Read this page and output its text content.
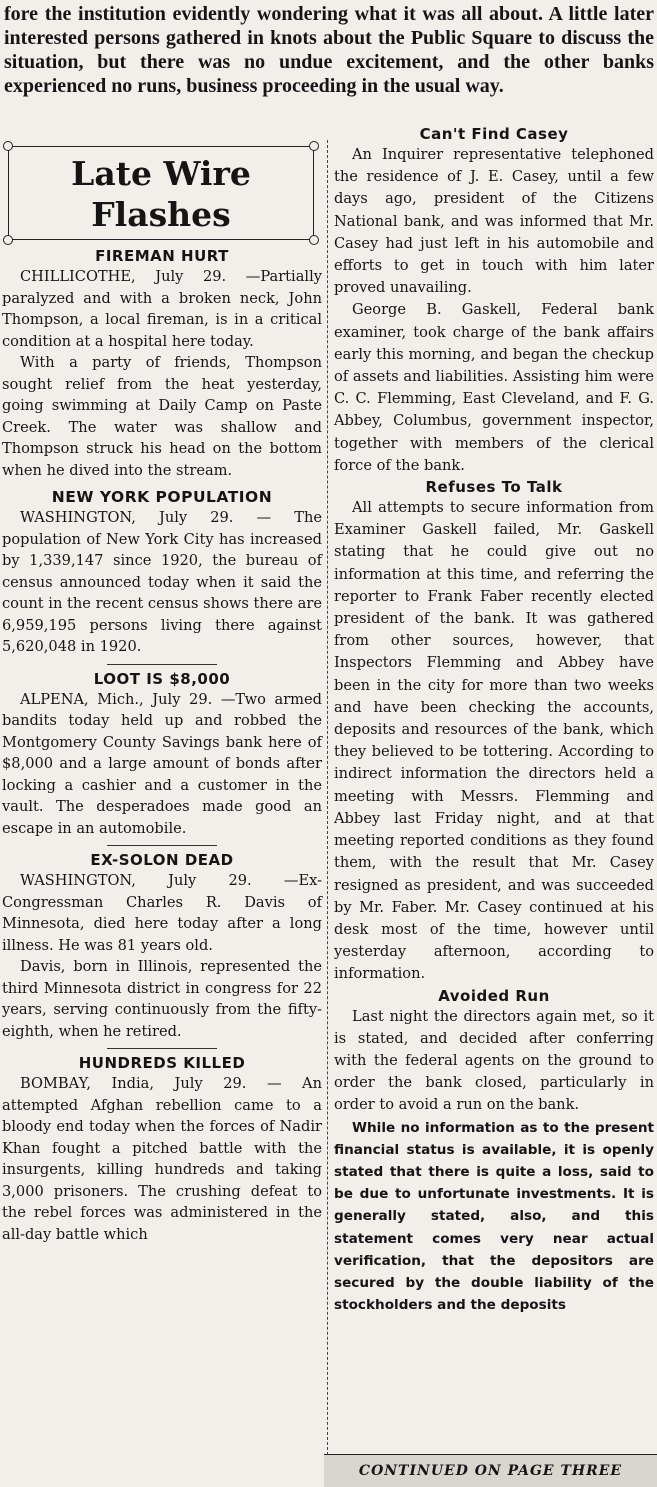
fore the institution evidently wondering what it was all about. A little later interested persons gathered in knots about the Public Square to discuss the situation, but there was no undue excitement, and the other banks experienced no runs, business proceeding in the usual way.

Late Wire
Flashes
FIREMAN HURT

CHILLICOTHE, July 29. —Partially paralyzed and with a broken neck, John Thompson, a local fireman, is in a critical condition at a hospital here today.

With a party of friends, Thompson sought relief from the heat yesterday, going swimming at Daily Camp on Paste Creek. The water was shallow and Thompson struck his head on the bottom when he dived into the stream.

NEW YORK POPULATION

WASHINGTON, July 29. — The population of New York City has increased by 1,339,147 since 1920, the bureau of census announced today when it said the count in the recent census shows there are 6,959,195 persons living there against 5,620,048 in 1920.

LOOT IS $8,000

ALPENA, Mich., July 29. —Two armed bandits today held up and robbed the Montgomery County Savings bank here of $8,000 and a large amount of bonds after locking a cashier and a customer in the vault. The desperadoes made good an escape in an automobile.

EX-SOLON DEAD

WASHINGTON, July 29. —Ex-Congressman Charles R. Davis of Minnesota, died here today after a long illness. He was 81 years old.

Davis, born in Illinois, represented the third Minnesota district in congress for 22 years, serving continuously from the fifty-eighth, when he retired.

HUNDREDS KILLED

BOMBAY, India, July 29. — An attempted Afghan rebellion came to a bloody end today when the forces of Nadir Khan fought a pitched battle with the insurgents, killing hundreds and taking 3,000 prisoners. The crushing defeat to the rebel forces was administered in the all-day battle which

Can't Find Casey

An Inquirer representative telephoned the residence of J. E. Casey, until a few days ago, president of the Citizens National bank, and was informed that Mr. Casey had just left in his automobile and efforts to get in touch with him later proved unavailing.

George B. Gaskell, Federal bank examiner, took charge of the bank affairs early this morning, and began the checkup of assets and liabilities. Assisting him were C. C. Flemming, East Cleveland, and F. G. Abbey, Columbus, government inspector, together with members of the clerical force of the bank.

Refuses To Talk

All attempts to secure information from Examiner Gaskell failed, Mr. Gaskell stating that he could give out no information at this time, and referring the reporter to Frank Faber recently elected president of the bank. It was gathered from other sources, however, that Inspectors Flemming and Abbey have been in the city for more than two weeks and have been checking the accounts, deposits and resources of the bank, which they believed to be tottering. According to indirect information the directors held a meeting with Messrs. Flemming and Abbey last Friday night, and at that meeting reported conditions as they found them, with the result that Mr. Casey resigned as president, and was succeeded by Mr. Faber. Mr. Casey continued at his desk most of the time, however until yesterday afternoon, according to information.

Avoided Run

Last night the directors again met, so it is stated, and decided after conferring with the federal agents on the ground to order the bank closed, particularly in order to avoid a run on the bank.

While no information as to the present financial status is available, it is openly stated that there is quite a loss, said to be due to unfortunate investments. It is generally stated, also, and this statement comes very near actual verification, that the depositors are secured by the double liability of the stockholders and the deposits

CONTINUED ON PAGE THREE
